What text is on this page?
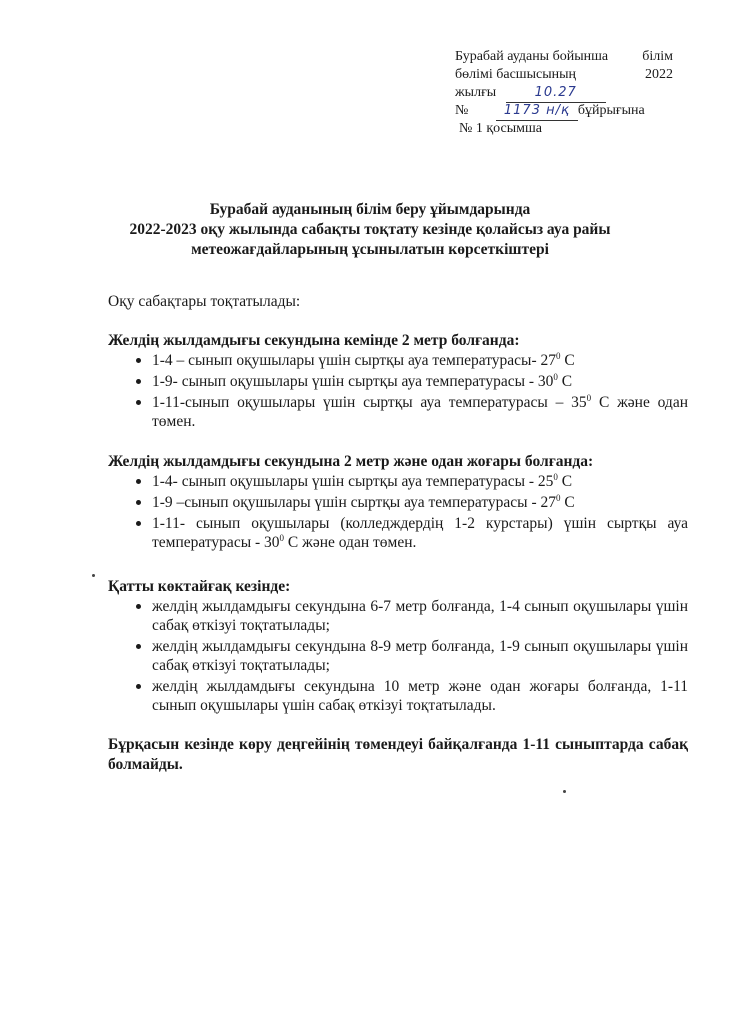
Бурабай ауданы бойынша білім
бөлімі басшысының	2022
жылғы	10.27
№	1173 н/қ бұйрығына
№ 1 қосымша
Бурабай ауданының білім беру ұйымдарында
2022-2023 оқу жылында сабақты тоқтату кезінде қолайсыз ауа райы
метеожағдайларының ұсынылатын көрсеткіштері
Оқу сабақтары тоқтатылады:
Желдің жылдамдығы секундына кемінде 2 метр болғанда:
1-4 – сынып оқушылары үшін сыртқы ауа температурасы- $27^0$ С
1-9- сынып оқушылары үшін сыртқы ауа температурасы - $30^0$ С
1-11-сынып оқушылары үшін сыртқы ауа температурасы – $35^0$ С және одан төмен.
Желдің жылдамдығы секундына 2 метр және одан жоғары болғанда:
1-4- сынып оқушылары үшін сыртқы ауа температурасы - $25^0$ С
1-9 –сынып оқушылары үшін сыртқы ауа температурасы - $27^0$ С
1-11- сынып оқушылары (колледждердің 1-2 курстары) үшін сыртқы ауа температурасы - $30^0$ С және одан төмен.
Қатты көктайғақ кезінде:
желдің жылдамдығы секундына 6-7 метр болғанда, 1-4 сынып оқушылары үшін сабақ өткізуі тоқтатылады;
желдің жылдамдығы секундына 8-9 метр болғанда, 1-9 сынып оқушылары үшін сабақ өткізуі тоқтатылады;
желдің жылдамдығы секундына 10 метр және одан жоғары болғанда, 1-11 сынып оқушылары үшін сабақ өткізуі тоқтатылады.
Бұрқасын кезінде көру деңгейінің төмендеуі байқалғанда 1-11 сыныптарда сабақ болмайды.
